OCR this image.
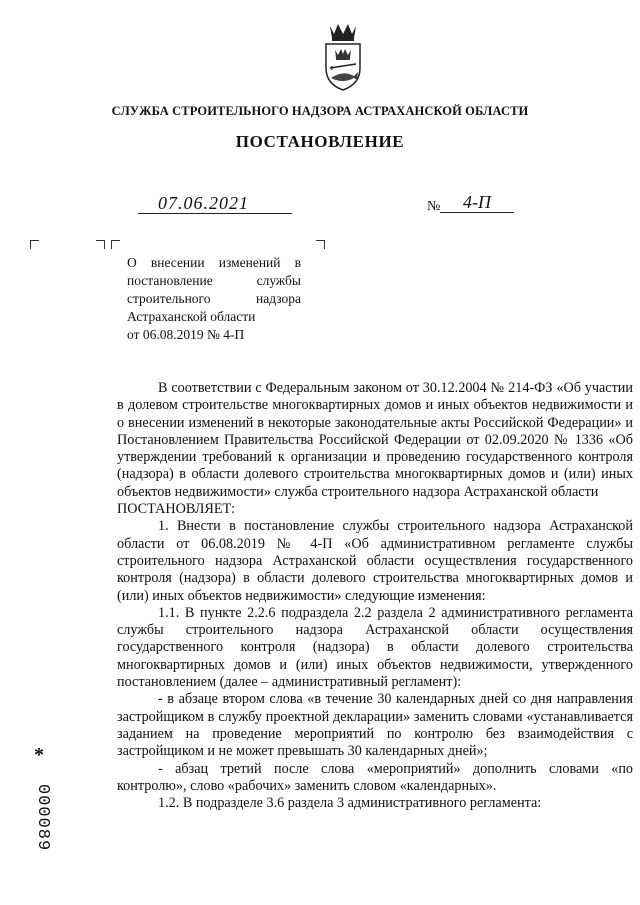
СЛУЖБА СТРОИТЕЛЬНОГО НАДЗОРА АСТРАХАНСКОЙ ОБЛАСТИ
ПОСТАНОВЛЕНИЕ
07.06.2021	№	4-П
О внесении изменений в
постановление службы
строительного надзора
Астраханской области
от 06.08.2019 № 4-П

В соответствии с Федеральным законом от 30.12.2004 № 214-ФЗ «Об участии в долевом строительстве многоквартирных домов и иных объектов недвижимости и о внесении изменений в некоторые законодательные акты Российской Федерации» и Постановлением Правительства Российской Федерации от 02.09.2020 № 1336 «Об утверждении требований к организации и проведению государственного контроля (надзора) в области долевого строительства многоквартирных домов и (или) иных объектов недвижимости» служба строительного надзора Астраханской области

ПОСТАНОВЛЯЕТ:

1. Внести в постановление службы строительного надзора Астраханской области от 06.08.2019 № 4-П «Об административном регламенте службы строительного надзора Астраханской области осуществления государственного контроля (надзора) в области долевого строительства многоквартирных домов и (или) иных объектов недвижимости» следующие изменения:

1.1. В пункте 2.2.6 подраздела 2.2 раздела 2 административного регламента службы строительного надзора Астраханской области осуществления государственного контроля (надзора) в области долевого строительства многоквартирных домов и (или) иных объектов недвижимости, утвержденного постановлением (далее – административный регламент):

- в абзаце втором слова «в течение 30 календарных дней со дня направления застройщиком в службу проектной декларации» заменить словами «устанавливается заданием на проведение мероприятий по контролю без взаимодействия с застройщиком и не может превышать 30 календарных дней»;

- абзац третий после слова «мероприятий» дополнить словами «по контролю», слово «рабочих» заменить словом «календарных».

1.2. В подразделе 3.6 раздела 3 административного регламента:

*
000089
